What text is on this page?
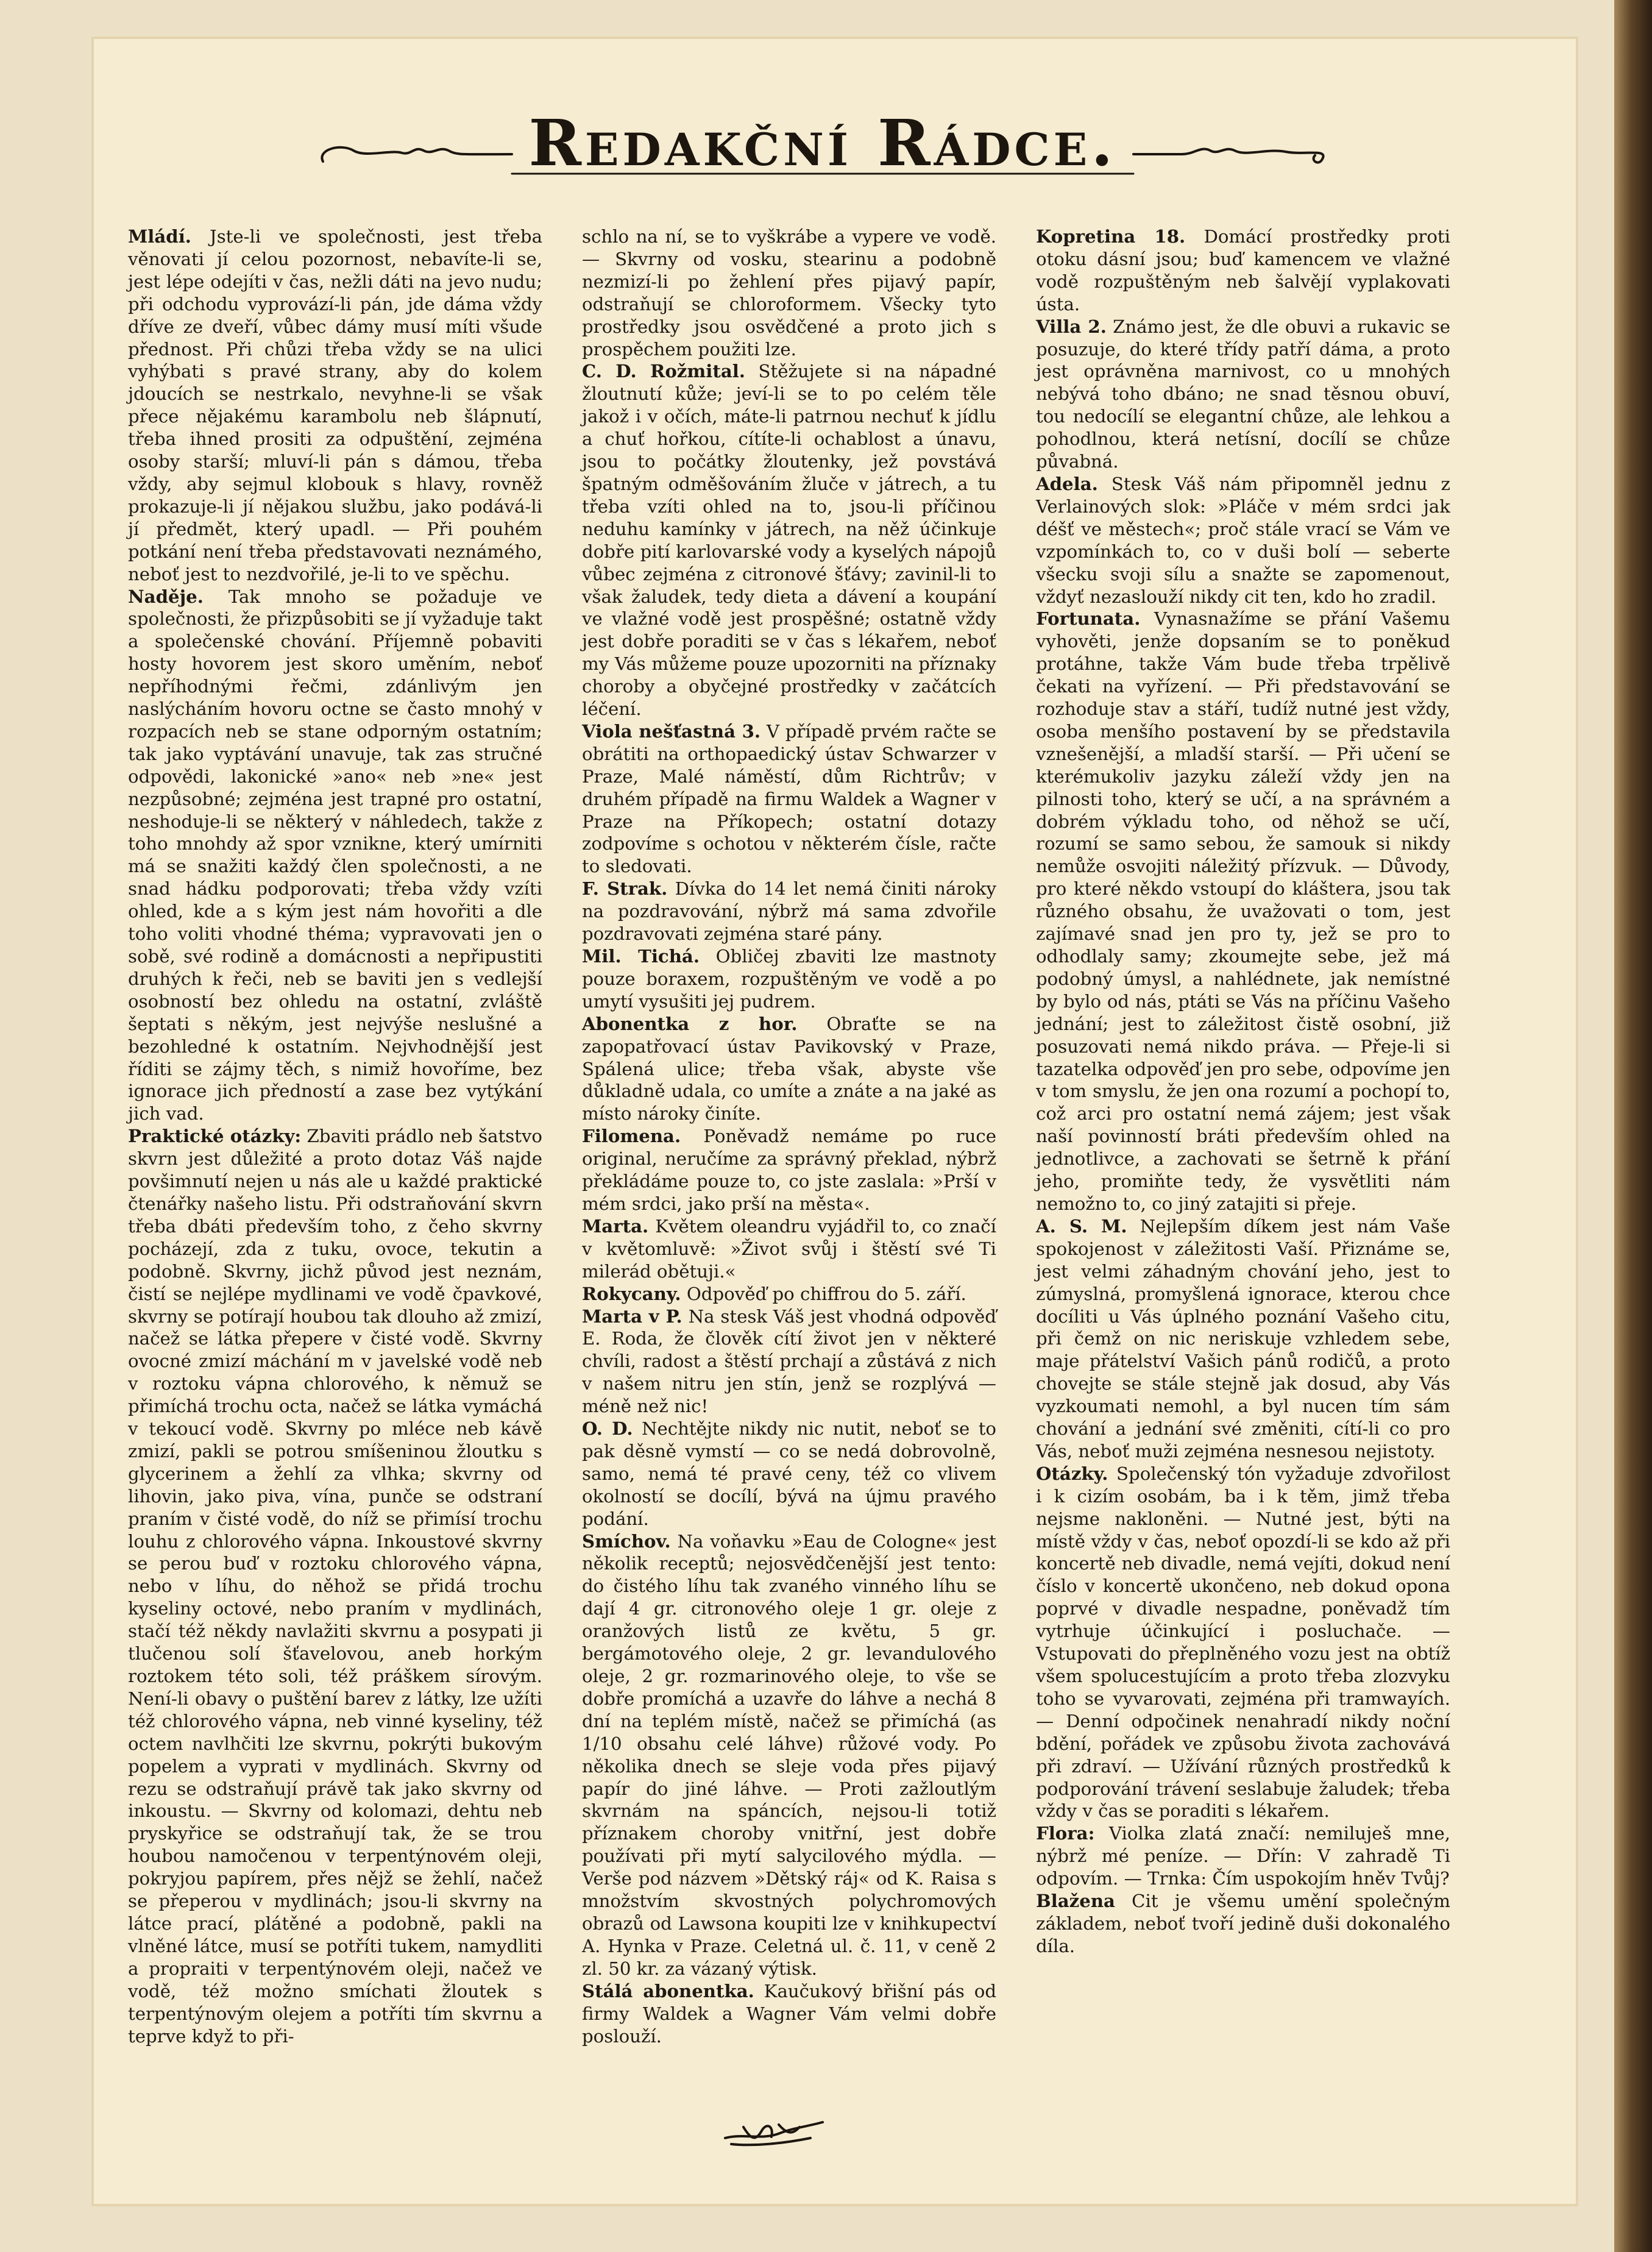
Redakční Rádce.

Mládí. Jste-li ve společnosti, jest třeba věnovati jí celou pozornost, nebavíte-li se, jest lépe odejíti v čas, nežli dáti na jevo nudu; při odchodu vyprovází-li pán, jde dáma vždy dříve ze dveří, vůbec dámy musí míti všude přednost. Při chůzi třeba vždy se na ulici vyhýbati s pravé strany, aby do kolem jdoucích se nestrkalo, nevyhne-li se však přece nějakému karambolu neb šlápnutí, třeba ihned prositi za odpuštění, zejména osoby starší; mluví-li pán s dámou, třeba vždy, aby sejmul klobouk s hlavy, rovněž prokazuje-li jí nějakou službu, jako podává-li jí předmět, který upadl. — Při pouhém potkání není třeba představovati neznámého, neboť jest to nezdvořilé, je-li to ve spěchu.

Naděje. Tak mnoho se požaduje ve společnosti, že přizpůsobiti se jí vyžaduje takt a společenské chování. Příjemně pobaviti hosty hovorem jest skoro uměním, neboť nepříhodnými řečmi, zdánlivým jen naslýcháním hovoru octne se často mnohý v rozpacích neb se stane odporným ostatním; tak jako vyptávání unavuje, tak zas stručné odpovědi, lakonické »ano« neb »ne« jest nezpůsobné; zejména jest trapné pro ostatní, neshoduje-li se některý v náhledech, takže z toho mnohdy až spor vznikne, který umírniti má se snažiti každý člen společnosti, a ne snad hádku podporovati; třeba vždy vzíti ohled, kde a s kým jest nám hovořiti a dle toho voliti vhodné théma; vypravovati jen o sobě, své rodině a domácnosti a nepřipustiti druhých k řeči, neb se baviti jen s vedlejší osobností bez ohledu na ostatní, zvláště šeptati s někým, jest nejvýše neslušné a bezohledné k ostatním. Nejvhodnější jest říditi se zájmy těch, s nimiž hovoříme, bez ignorace jich předností a zase bez vytýkání jich vad.

Praktické otázky: Zbaviti prádlo neb šatstvo skvrn jest důležité a proto dotaz Váš najde povšimnutí nejen u nás ale u každé praktické čtenářky našeho listu. Při odstraňování skvrn třeba dbáti především toho, z čeho skvrny pocházejí, zda z tuku, ovoce, tekutin a podobně. Skvrny, jichž původ jest neznám, čistí se nejlépe mydlinami ve vodě čpavkové, skvrny se potírají houbou tak dlouho až zmizí, načež se látka přepere v čisté vodě. Skvrny ovocné zmizí máchání m v javelské vodě neb v roztoku vápna chlorového, k němuž se přimíchá trochu octa, načež se látka vymáchá v tekoucí vodě. Skvrny po mléce neb kávě zmizí, pakli se potrou smíšeninou žloutku s glycerinem a žehlí za vlhka; skvrny od lihovin, jako piva, vína, punče se odstraní praním v čisté vodě, do níž se přimísí trochu louhu z chlorového vápna. Inkoustové skvrny se perou buď v roztoku chlorového vápna, nebo v líhu, do něhož se přidá trochu kyseliny octové, nebo praním v mydlinách, stačí též někdy navlažiti skvrnu a posypati ji tlučenou solí šťavelovou, aneb horkým roztokem této soli, též práškem sírovým. Není-li obavy o puštění barev z látky, lze užíti též chlorového vápna, neb vinné kyseliny, též octem navlhčiti lze skvrnu, pokrýti bukovým popelem a vyprati v mydlinách. Skvrny od rezu se odstraňují právě tak jako skvrny od inkoustu. — Skvrny od kolomazi, dehtu neb pryskyřice se odstraňují tak, že se trou houbou namočenou v terpentýnovém oleji, pokryjou papírem, přes nějž se žehlí, načež se přeperou v mydlinách; jsou-li skvrny na látce prací, plátěné a podobně, pakli na vlněné látce, musí se potříti tukem, namydliti a propraiti v terpentýnovém oleji, načež ve vodě, též možno smíchati žloutek s terpentýnovým olejem a potříti tím skvrnu a teprve když to při-

schlo na ní, se to vyškrábe a vypere ve vodě. — Skvrny od vosku, stearinu a podobně nezmizí-li po žehlení přes pijavý papír, odstraňují se chloroformem. Všecky tyto prostředky jsou osvědčené a proto jich s prospěchem použiti lze.

C. D. Rožmital. Stěžujete si na nápadné žloutnutí kůže; jeví-li se to po celém těle jakož i v očích, máte-li patrnou nechuť k jídlu a chuť hořkou, cítíte-li ochablost a únavu, jsou to počátky žloutenky, jež povstává špatným odměšováním žluče v játrech, a tu třeba vzíti ohled na to, jsou-li příčinou neduhu kamínky v játrech, na něž účinkuje dobře pití karlovarské vody a kyselých nápojů vůbec zejména z citronové šťávy; zavinil-li to však žaludek, tedy dieta a dávení a koupání ve vlažné vodě jest prospěšné; ostatně vždy jest dobře poraditi se v čas s lékařem, neboť my Vás můžeme pouze upozorniti na příznaky choroby a obyčejné prostředky v začátcích léčení.

Viola nešťastná 3. V případě prvém račte se obrátiti na orthopaedický ústav Schwarzer v Praze, Malé náměstí, dům Richtrův; v druhém případě na firmu Waldek a Wagner v Praze na Příkopech; ostatní dotazy zodpovíme s ochotou v některém čísle, račte to sledovati.

F. Strak. Dívka do 14 let nemá činiti nároky na pozdravování, nýbrž má sama zdvořile pozdravovati zejména staré pány.

Mil. Tichá. Obličej zbaviti lze mastnoty pouze boraxem, rozpuštěným ve vodě a po umytí vysušiti jej pudrem.

Abonentka z hor. Obraťte se na zapopatřovací ústav Pavikovský v Praze, Spálená ulice; třeba však, abyste vše důkladně udala, co umíte a znáte a na jaké as místo nároky činíte.

Filomena. Poněvadž nemáme po ruce original, neručíme za správný překlad, nýbrž překládáme pouze to, co jste zaslala: »Prší v mém srdci, jako prší na města«.

Marta. Květem oleandru vyjádřil to, co značí v květomluvě: »Život svůj i štěstí své Ti milerád obětuji.«

Rokycany. Odpověď po chiffrou do 5. září.

Marta v P. Na stesk Váš jest vhodná odpověď E. Roda, že člověk cítí život jen v některé chvíli, radost a štěstí prchají a zůstává z nich v našem nitru jen stín, jenž se rozplývá — méně než nic!

O. D. Nechtějte nikdy nic nutit, neboť se to pak děsně vymstí — co se nedá dobrovolně, samo, nemá té pravé ceny, též co vlivem okolností se docílí, bývá na újmu pravého podání.

Smíchov. Na voňavku »Eau de Cologne« jest několik receptů; nejosvědčenější jest tento: do čistého líhu tak zvaného vinného líhu se dají 4 gr. citronového oleje 1 gr. oleje z oranžových listů ze květu, 5 gr. bergámotového oleje, 2 gr. levandulového oleje, 2 gr. rozmarinového oleje, to vše se dobře promíchá a uzavře do láhve a nechá 8 dní na teplém místě, načež se přimíchá (as 1/10 obsahu celé láhve) růžové vody. Po několika dnech se sleje voda přes pijavý papír do jiné láhve. — Proti zažloutlým skvrnám na spáncích, nejsou-li totiž příznakem choroby vnitřní, jest dobře používati při mytí salycilového mýdla. — Verše pod názvem »Dětský ráj« od K. Raisa s množstvím skvostných polychromových obrazů od Lawsona koupiti lze v knihkupectví A. Hynka v Praze. Celetná ul. č. 11, v ceně 2 zl. 50 kr. za vázaný výtisk.

Stálá abonentka. Kaučukový břišní pás od firmy Waldek a Wagner Vám velmi dobře poslouží.

Kopretina 18. Domácí prostředky proti otoku dásní jsou; buď kamencem ve vlažné vodě rozpuštěným neb šalvějí vyplakovati ústa.

Villa 2. Známo jest, že dle obuvi a rukavic se posuzuje, do které třídy patří dáma, a proto jest oprávněna marnivost, co u mnohých nebývá toho dbáno; ne snad těsnou obuví, tou nedocílí se elegantní chůze, ale lehkou a pohodlnou, která netísní, docílí se chůze půvabná.

Adela. Stesk Váš nám připomněl jednu z Verlainových slok: »Pláče v mém srdci jak déšť ve městech«; proč stále vrací se Vám ve vzpomínkách to, co v duši bolí — seberte všecku svoji sílu a snažte se zapomenout, vždyť nezaslouží nikdy cit ten, kdo ho zradil.

Fortunata. Vynasnažíme se přání Vašemu vyhověti, jenže dopsaním se to poněkud protáhne, takže Vám bude třeba trpělivě čekati na vyřízení. — Při představování se rozhoduje stav a stáří, tudíž nutné jest vždy, osoba menšího postavení by se představila vznešenější, a mladší starší. — Při učení se kterémukoliv jazyku záleží vždy jen na pilnosti toho, který se učí, a na správném a dobrém výkladu toho, od něhož se učí, rozumí se samo sebou, že samouk si nikdy nemůže osvojiti náležitý přízvuk. — Důvody, pro které někdo vstoupí do kláštera, jsou tak různého obsahu, že uvažovati o tom, jest zajímavé snad jen pro ty, jež se pro to odhodlaly samy; zkoumejte sebe, jež má podobný úmysl, a nahlédnete, jak nemístné by bylo od nás, ptáti se Vás na příčinu Vašeho jednání; jest to záležitost čistě osobní, již posuzovati nemá nikdo práva. — Přeje-li si tazatelka odpověď jen pro sebe, odpovíme jen v tom smyslu, že jen ona rozumí a pochopí to, což arci pro ostatní nemá zájem; jest však naší povinností bráti především ohled na jednotlivce, a zachovati se šetrně k přání jeho, promiňte tedy, že vysvětliti nám nemožno to, co jiný zatajiti si přeje.

A. S. M. Nejlepším díkem jest nám Vaše spokojenost v záležitosti Vaší. Přiznáme se, jest velmi záhadným chování jeho, jest to zúmyslná, promyšlená ignorace, kterou chce docíliti u Vás úplného poznání Vašeho citu, při čemž on nic neriskuje vzhledem sebe, maje přátelství Vašich pánů rodičů, a proto chovejte se stále stejně jak dosud, aby Vás vyzkoumati nemohl, a byl nucen tím sám chování a jednání své změniti, cítí-li co pro Vás, neboť muži zejména nesnesou nejistoty.

Otázky. Společenský tón vyžaduje zdvořilost i k cizím osobám, ba i k těm, jimž třeba nejsme nakloněni. — Nutné jest, býti na místě vždy v čas, neboť opozdí-li se kdo až při koncertě neb divadle, nemá vejíti, dokud není číslo v koncertě ukončeno, neb dokud opona poprvé v divadle nespadne, poněvadž tím vytrhuje účinkující i posluchače. — Vstupovati do přeplněného vozu jest na obtíž všem spolucestujícím a proto třeba zlozvyku toho se vyvarovati, zejména při tramwayích. — Denní odpočinek nenahradí nikdy noční bdění, pořádek ve způsobu života zachovává při zdraví. — Užívání různých prostředků k podporování trávení seslabuje žaludek; třeba vždy v čas se poraditi s lékařem.

Flora: Violka zlatá značí: nemiluješ mne, nýbrž mé peníze. — Dřín: V zahradě Ti odpovím. — Trnka: Čím uspokojím hněv Tvůj?

Blažena Cit je všemu umění společným základem, neboť tvoří jedině duši dokonalého díla.
